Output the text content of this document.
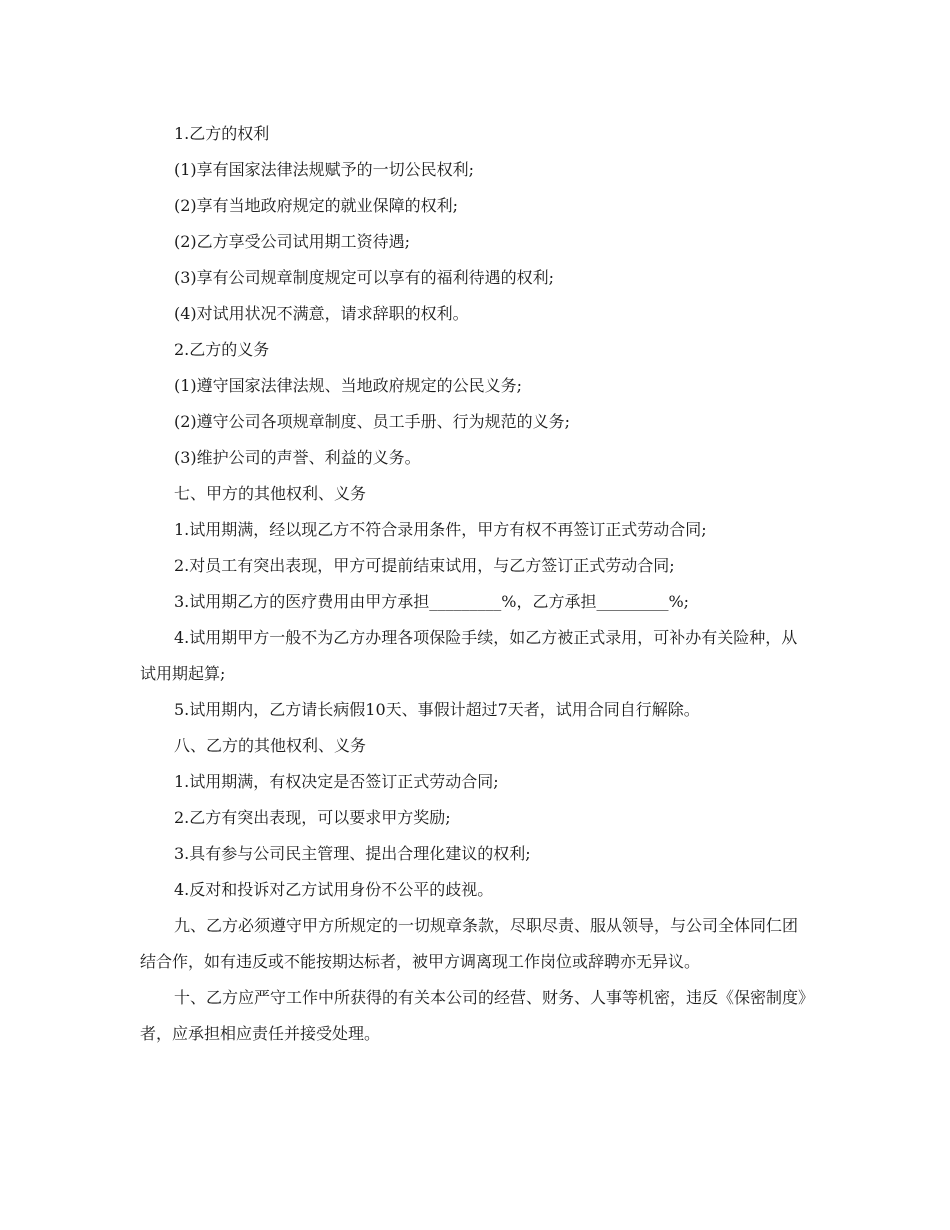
1.乙方的权利

(1)享有国家法律法规赋予的一切公民权利;

(2)享有当地政府规定的就业保障的权利;

(2)乙方享受公司试用期工资待遇;

(3)享有公司规章制度规定可以享有的福利待遇的权利;

(4)对试用状况不满意，请求辞职的权利。

2.乙方的义务

(1)遵守国家法律法规、当地政府规定的公民义务;

(2)遵守公司各项规章制度、员工手册、行为规范的义务;

(3)维护公司的声誉、利益的义务。

七、甲方的其他权利、义务

1.试用期满，经以现乙方不符合录用条件，甲方有权不再签订正式劳动合同;

2.对员工有突出表现，甲方可提前结束试用，与乙方签订正式劳动合同;

3.试用期乙方的医疗费用由甲方承担_________%，乙方承担_________%;

4.试用期甲方一般不为乙方办理各项保险手续，如乙方被正式录用，可补办有关险种，从试用期起算;

5.试用期内，乙方请长病假10天、事假计超过7天者，试用合同自行解除。

八、乙方的其他权利、义务

1.试用期满，有权决定是否签订正式劳动合同;

2.乙方有突出表现，可以要求甲方奖励;

3.具有参与公司民主管理、提出合理化建议的权利;

4.反对和投诉对乙方试用身份不公平的歧视。

九、乙方必须遵守甲方所规定的一切规章条款，尽职尽责、服从领导，与公司全体同仁团结合作，如有违反或不能按期达标者，被甲方调离现工作岗位或辞聘亦无异议。

十、乙方应严守工作中所获得的有关本公司的经营、财务、人事等机密，违反《保密制度》者，应承担相应责任并接受处理。
